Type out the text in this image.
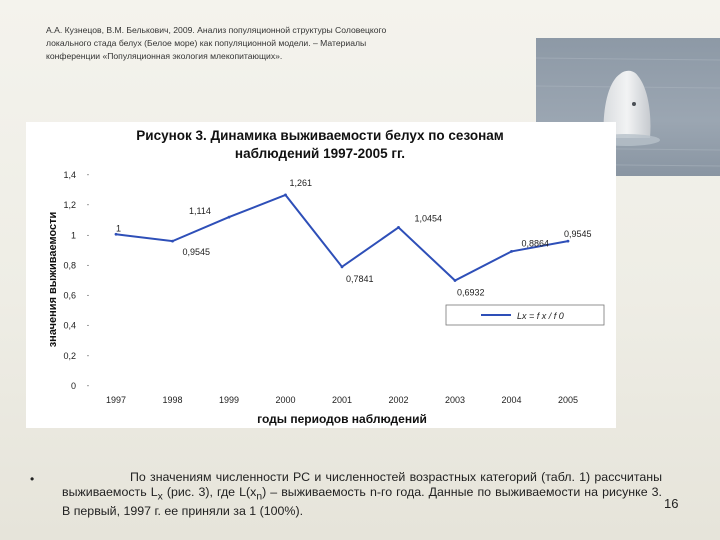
А.А. Кузнецов, В.М. Белькович, 2009. Анализ популяционной структуры Соловецкого локального стада белух (Белое море) как популяционной модели. – Материалы конференции «Популяционная экология млекопитающих».
Рисунок 3. Динамика выживаемости белух по сезонам
наблюдений 1997-2005 гг.
0 -
0,2 -
0,4 -
0,6 -
0,8 -
1 -
1,2 -
1,4 -
значения выживаемости
1997	1998	1999	2000	2001	2002	2003	2004	2005
годы периодов наблюдений
1
0,9545
1,114
1,261
0,7841
1,0454
0,6932
0,8864
0,9545
Lx = f x / f 0
•	По значениям численности РС и численностей возрастных категорий (табл. 1) рассчитаны выживаемость $L_x$ (рис. 3), где $L(x_n)$ – выживаемость n-го года. Данные по выживаемости на рисунке 3. В первый, 1997 г. ее приняли за 1 (100%).
16
